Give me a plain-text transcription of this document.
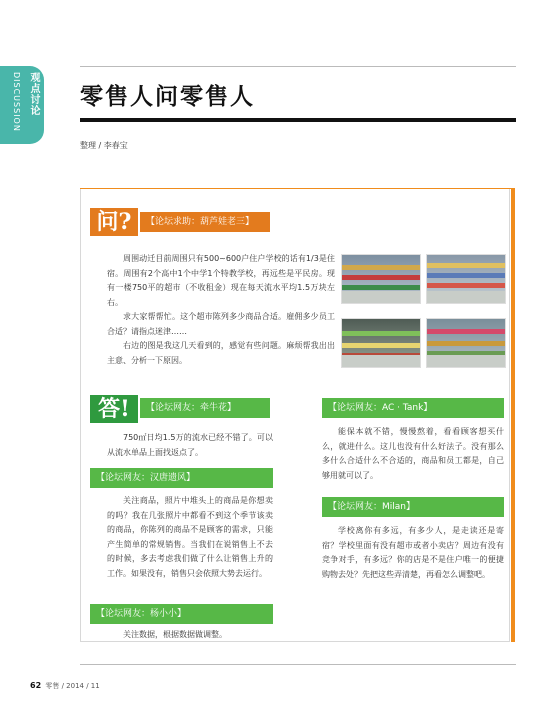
观点讨论
DISCUSSION	零售人问零售人
整理 / 李春宝
问?	【论坛求助：葫芦娃老三】
周围动迁目前周围只有500~600户住户学校的话有1/3是住宿。周围有2个高中1个中学1个特教学校，再远些是平民房。现有一楼750平的超市（不收租金）现在每天流水平均1.5万块左右。
求大家帮帮忙。这个超市陈列多少商品合适。雇佣多少员工合适？请指点迷津……
右边的图是我这几天看到的，感觉有些问题。麻烦帮我出出主意、分析一下原因。
答!	【论坛网友：牵牛花】
750㎡日均1.5万的流水已经不错了。可以从流水单品上面找返点了。
【论坛网友：汉唐遗风】
关注商品，照片中堆头上的商品是你想卖的吗？我在几张照片中都看不到这个季节该卖的商品，你陈列的商品不是顾客的需求，只能产生简单的常规销售。当我们在说销售上不去的时候，多去考虑我们做了什么让销售上升的工作。如果没有，销售只会依照大势去运行。
【论坛网友：杨小小】
关注数据，根据数据做调整。
【论坛网友：AC · Tank】
能保本就不错，慢慢熬着，看看顾客想买什么，就进什么。这儿也没有什么好法子。没有那么多什么合适什么不合适的，商品和员工都是，自己够用就可以了。
【论坛网友：Milan】
学校离你有多远，有多少人，是走读还是寄宿？学校里面有没有超市或者小卖店？周边有没有竞争对手，有多远？你的店是不是住户唯一的便捷购物去处？先把这些弄清楚，再看怎么调整吧。
62 零售 / 2014 / 11
